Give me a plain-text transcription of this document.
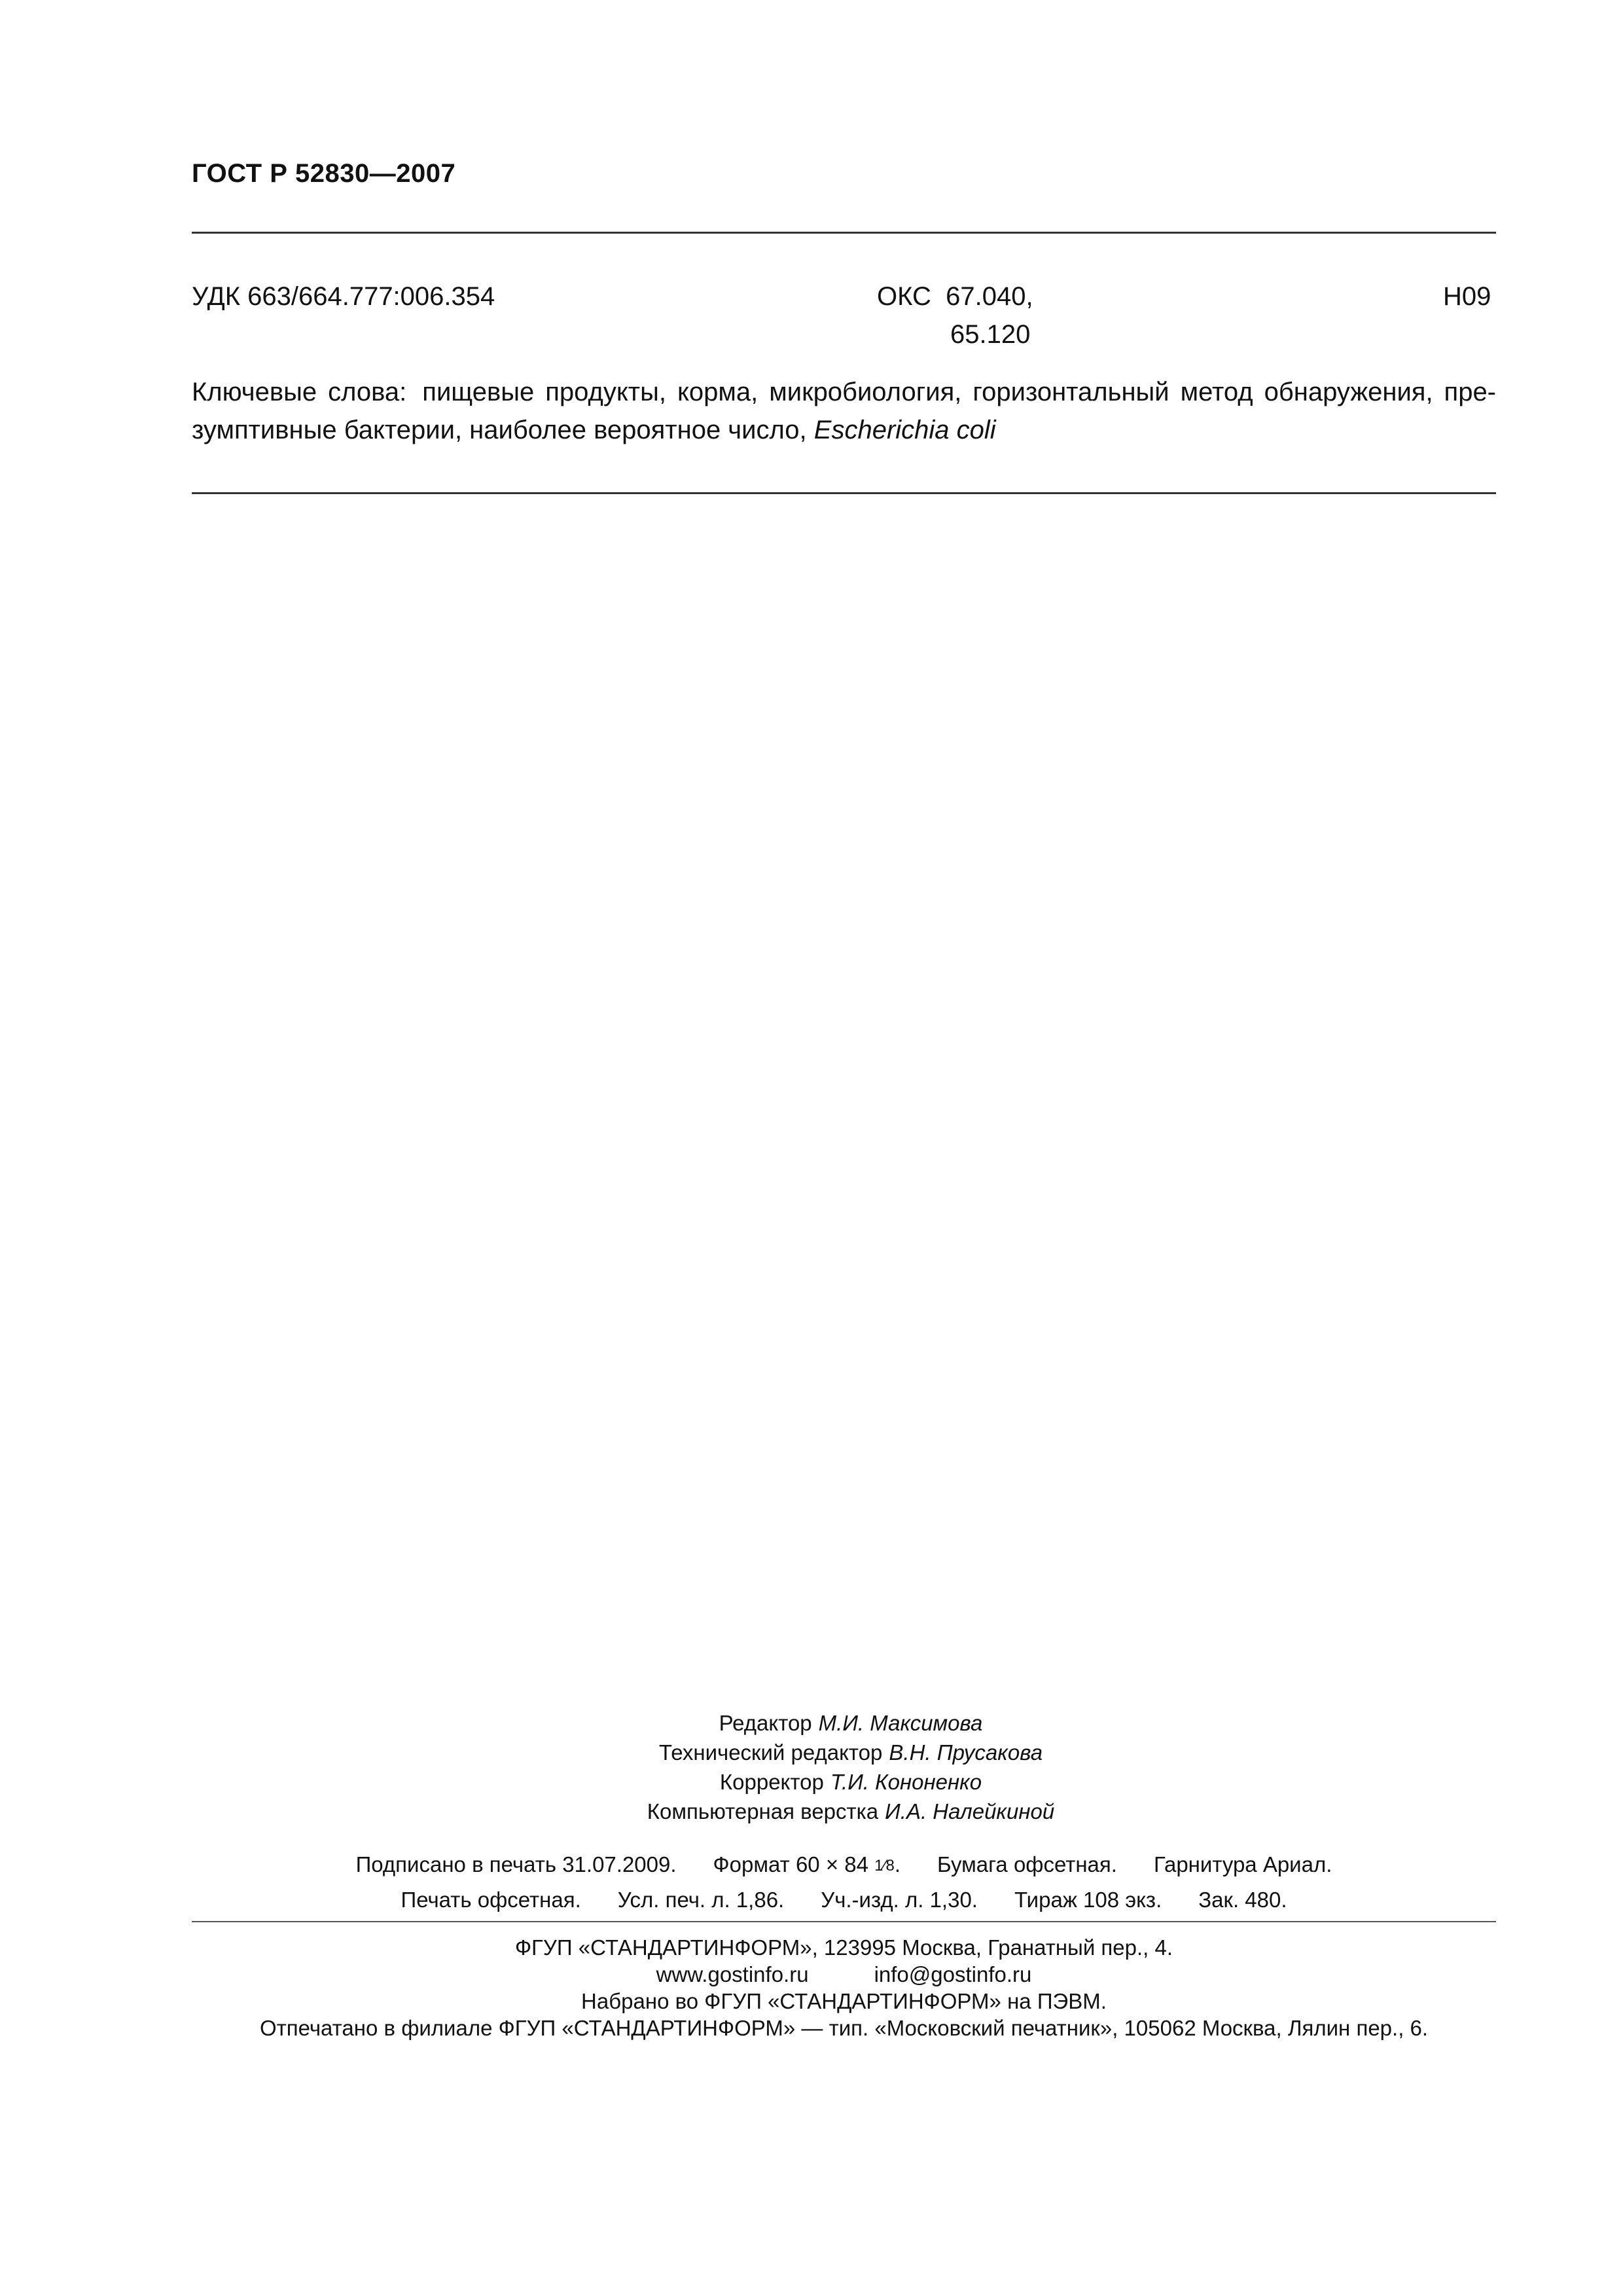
ГОСТ Р 52830—2007
УДК 663/664.777:006.354	ОКС 67.040,

65.120
Н09
Ключевые слова: пищевые продукты, корма, микробиология, горизонтальный метод обнаружения, пре-зумптивные бактерии, наиболее вероятное число, Escherichia coli
Редактор М.И. Максимова
Технический редактор В.Н. Прусакова
Корректор Т.И. Кононенко
Компьютерная верстка И.А. Налейкиной
Подписано в печать 31.07.2009. Формат 60 × 84 1⁄8. Бумага офсетная. Гарнитура Ариал.
Печать офсетная. Усл. печ. л. 1,86. Уч.-изд. л. 1,30. Тираж 108 экз. Зак. 480.
ФГУП «СТАНДАРТИНФОРМ», 123995 Москва, Гранатный пер., 4.
www.gostinfo.ru	info@gostinfo.ru
Набрано во ФГУП «СТАНДАРТИНФОРМ» на ПЭВМ.
Отпечатано в филиале ФГУП «СТАНДАРТИНФОРМ» — тип. «Московский печатник», 105062 Москва, Лялин пер., 6.
